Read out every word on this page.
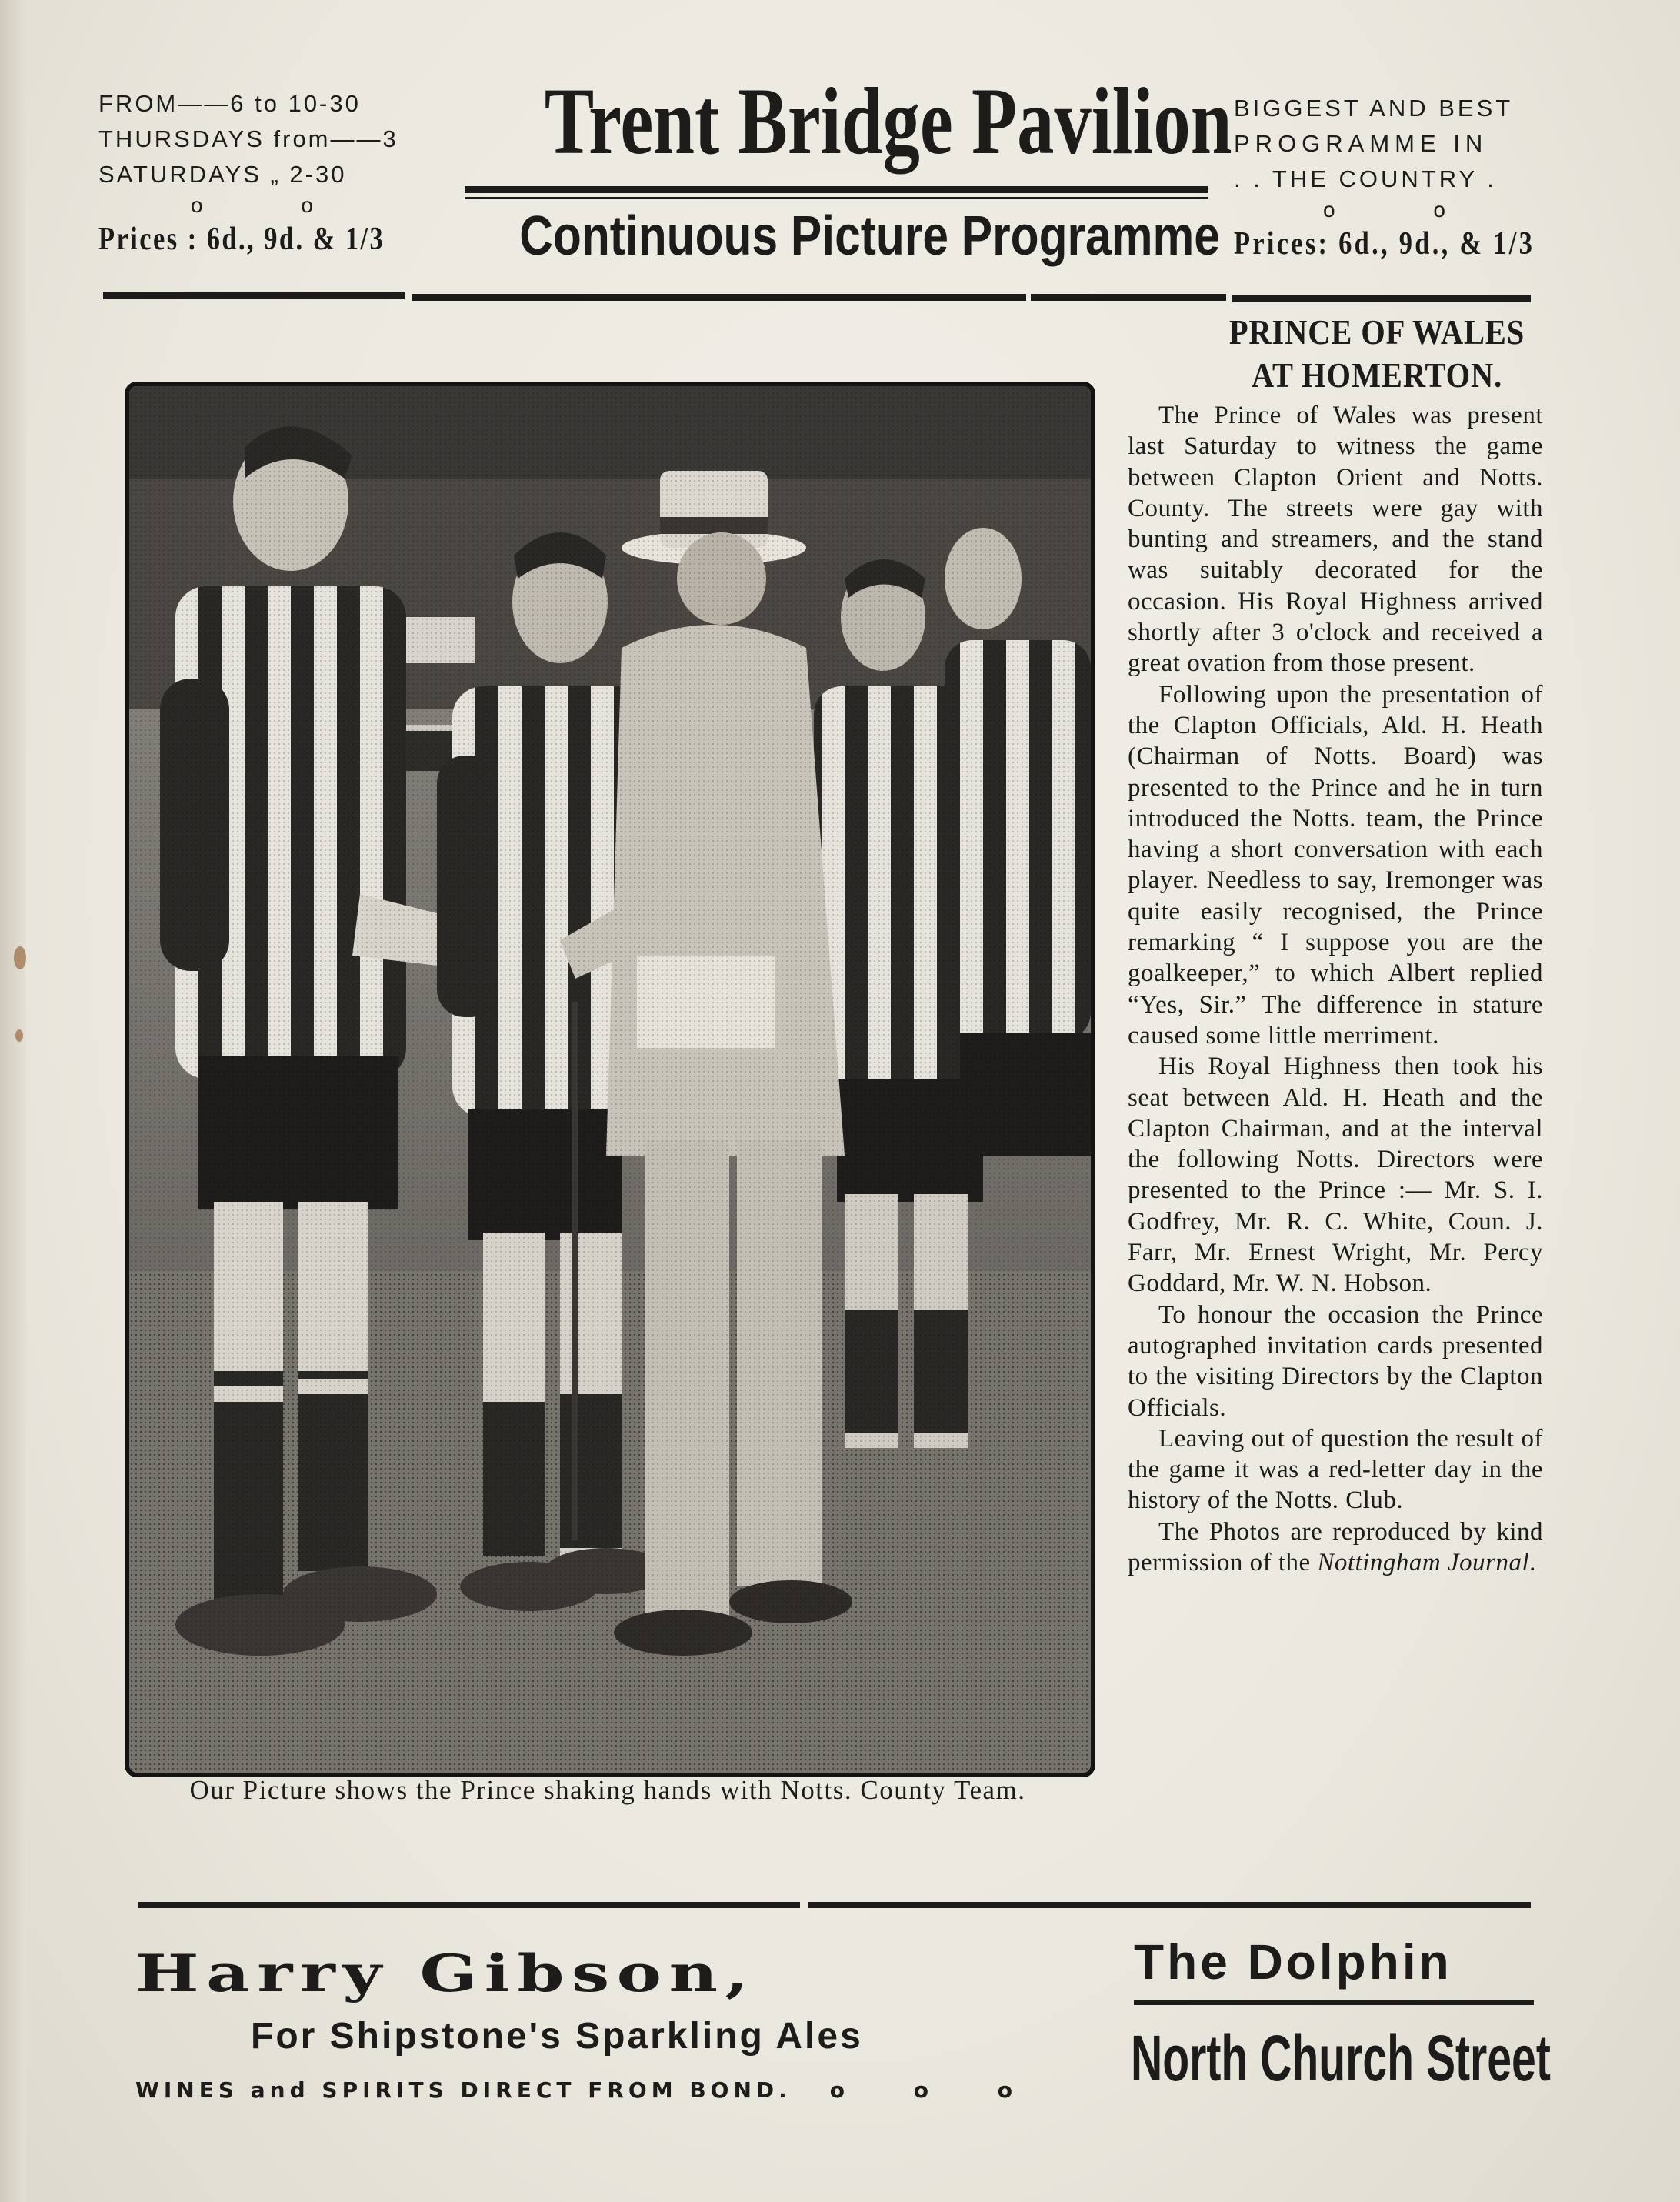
FROM——6 to 10-30
THURSDAYS from——3
SATURDAYS „ 2-30
o o
Prices : 6d., 9d. & 1/3
Trent Bridge Pavilion
Continuous Picture Programme
BIGGEST AND BEST
PROGRAMME IN
. . THE COUNTRY .
o o
Prices: 6d., 9d., & 1/3
Our Picture shows the Prince shaking hands with Notts. County Team.
PRINCE OF WALES
AT HOMERTON.

The Prince of Wales was present last Saturday to witness the game between Clapton Orient and Notts. County. The streets were gay with bunting and streamers, and the stand was suitably decorated for the occasion. His Royal Highness arrived shortly after 3 o'clock and received a great ovation from those present.

Following upon the presentation of the Clapton Officials, Ald. H. Heath (Chairman of Notts. Board) was presented to the Prince and he in turn introduced the Notts. team, the Prince having a short conversation with each player. Needless to say, Iremonger was quite easily recognised, the Prince remarking “ I suppose you are the goalkeeper,” to which Albert replied “Yes, Sir.” The difference in stature caused some little merriment.

His Royal Highness then took his seat between Ald. H. Heath and the Clapton Chairman, and at the interval the following Notts. Directors were presented to the Prince :— Mr. S. I. Godfrey, Mr. R. C. White, Coun. J. Farr, Mr. Ernest Wright, Mr. Percy Goddard, Mr. W. N. Hobson.

To honour the occasion the Prince autographed invitation cards presented to the visiting Directors by the Clapton Officials.

Leaving out of question the result of the game it was a red-letter day in the history of the Notts. Club.

The Photos are reproduced by kind permission of the Nottingham Journal.

Harry Gibson,
For Shipstone's Sparkling Ales
WINES and SPIRITS DIRECT FROM BOND. o o o
The Dolphin
North Church Street
